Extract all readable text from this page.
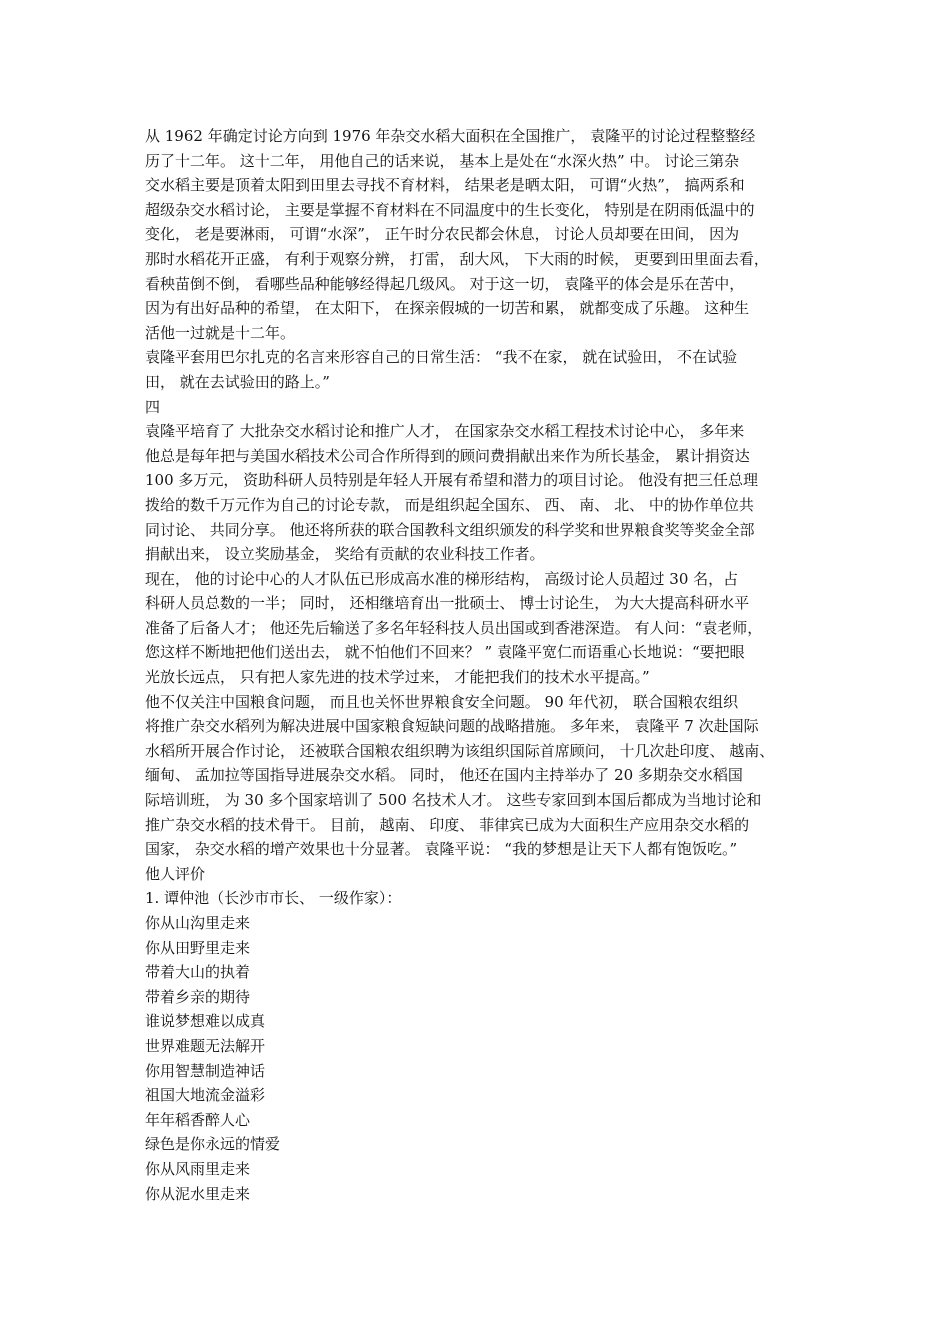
从 1962 年确定讨论方向到 1976 年杂交水稻大面积在全国推广， 袁隆平的讨论过程整整经
历了十二年。 这十二年， 用他自己的话来说， 基本上是处在“水深火热” 中。 讨论三第杂
交水稻主要是顶着太阳到田里去寻找不育材料， 结果老是晒太阳， 可谓“火热”， 搞两系和
超级杂交水稻讨论， 主要是掌握不育材料在不同温度中的生长变化， 特别是在阴雨低温中的
变化， 老是要淋雨， 可谓“水深”， 正午时分农民都会休息， 讨论人员却要在田间， 因为
那时水稻花开正盛， 有利于观察分辨， 打雷， 刮大风， 下大雨的时候， 更要到田里面去看，
看秧苗倒不倒， 看哪些品种能够经得起几级风。 对于这一切， 袁隆平的体会是乐在苦中，
因为有出好品种的希望， 在太阳下， 在探亲假城的一切苦和累， 就都变成了乐趣。 这种生
活他一过就是十二年。
袁隆平套用巴尔扎克的名言来形容自己的日常生活： “我不在家， 就在试验田， 不在试验
田， 就在去试验田的路上。”
四
袁隆平培育了 大批杂交水稻讨论和推广人才， 在国家杂交水稻工程技术讨论中心， 多年来
他总是每年把与美国水稻技术公司合作所得到的顾问费捐献出来作为所长基金， 累计捐资达
100 多万元， 资助科研人员特别是年轻人开展有希望和潜力的项目讨论。 他没有把三任总理
拨给的数千万元作为自己的讨论专款， 而是组织起全国东、 西、 南、 北、 中的协作单位共
同讨论、 共同分享。 他还将所获的联合国教科文组织颁发的科学奖和世界粮食奖等奖金全部
捐献出来， 设立奖励基金， 奖给有贡献的农业科技工作者。
现在， 他的讨论中心的人才队伍已形成高水准的梯形结构， 高级讨论人员超过 30 名，占
科研人员总数的一半； 同时， 还相继培育出一批硕士、 博士讨论生， 为大大提高科研水平
准备了后备人才； 他还先后输送了多名年轻科技人员出国或到香港深造。 有人问：“袁老师，
您这样不断地把他们送出去， 就不怕他们不回来？ ” 袁隆平宽仁而语重心长地说：“要把眼
光放长远点， 只有把人家先进的技术学过来， 才能把我们的技术水平提高。”
他不仅关注中国粮食问题， 而且也关怀世界粮食安全问题。 90 年代初， 联合国粮农组织
将推广杂交水稻列为解决进展中国家粮食短缺问题的战略措施。 多年来， 袁隆平 7 次赴国际
水稻所开展合作讨论， 还被联合国粮农组织聘为该组织国际首席顾问， 十几次赴印度、 越南、
缅甸、 孟加拉等国指导进展杂交水稻。 同时， 他还在国内主持举办了 20 多期杂交水稻国
际培训班， 为 30 多个国家培训了 500 名技术人才。 这些专家回到本国后都成为当地讨论和
推广杂交水稻的技术骨干。 目前， 越南、 印度、 菲律宾已成为大面积生产应用杂交水稻的
国家， 杂交水稻的增产效果也十分显著。 袁隆平说： “我的梦想是让天下人都有饱饭吃。”
他人评价
1. 谭仲池（长沙市市长、 一级作家）：
你从山沟里走来
你从田野里走来
带着大山的执着
带着乡亲的期待
谁说梦想难以成真
世界难题无法解开
你用智慧制造神话
祖国大地流金溢彩
年年稻香醉人心
绿色是你永远的情爱
你从风雨里走来
你从泥水里走来
